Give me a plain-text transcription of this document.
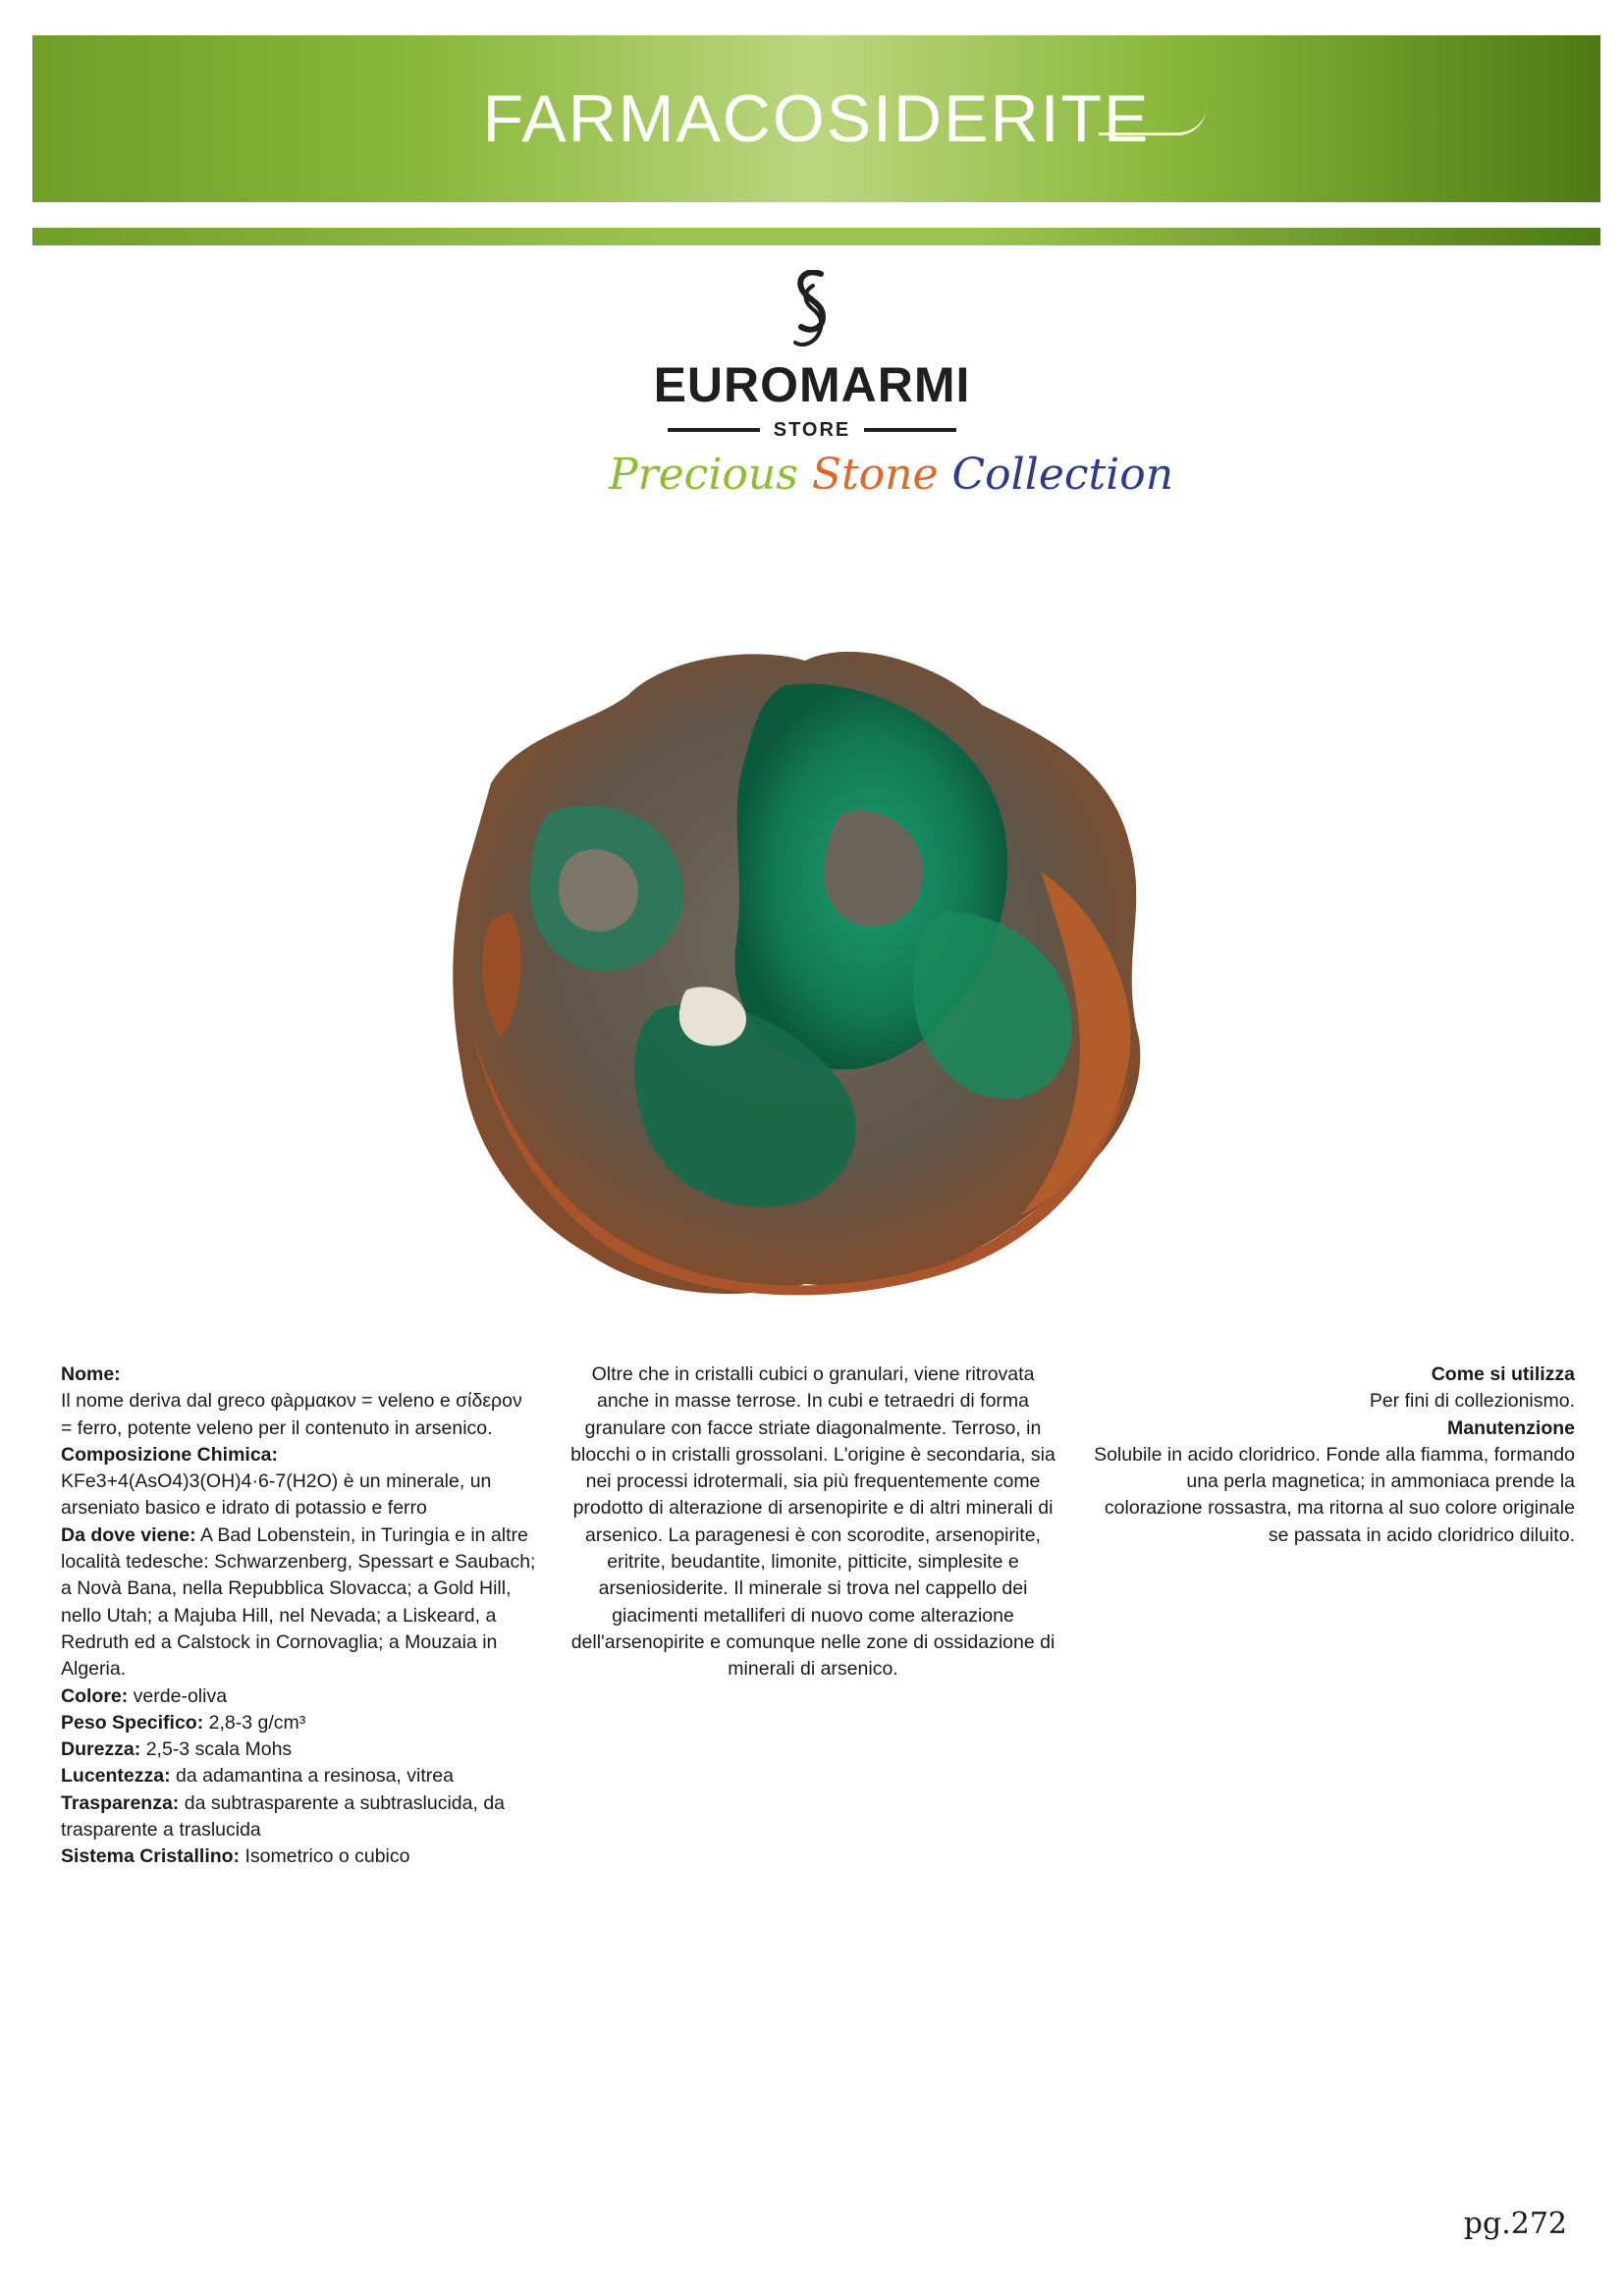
FARMACOSIDERITE
EUROMARMI
STORE
Precious Stone Collection

Nome:

Il nome deriva dal greco φàρμακον = veleno e σίδερον = ferro, potente veleno per il contenuto in arsenico.

Composizione Chimica:

KFe3+4(AsO4)3(OH)4·6-7(H2O) è un minerale, un arseniato basico e idrato di potassio e ferro

Da dove viene: A Bad Lobenstein, in Turingia e in altre località tedesche: Schwarzenberg, Spessart e Saubach; a Novà Bana, nella Repubblica Slovacca; a Gold Hill, nello Utah; a Majuba Hill, nel Nevada; a Liskeard, a Redruth ed a Calstock in Cornovaglia; a Mouzaia in Algeria.

Colore: verde-oliva

Peso Specifico: 2,8-3 g/cm³

Durezza: 2,5-3 scala Mohs

Lucentezza: da adamantina a resinosa, vitrea

Trasparenza: da subtrasparente a subtraslucida, da trasparente a traslucida

Sistema Cristallino: Isometrico o cubico

Oltre che in cristalli cubici o granulari, viene ritrovata anche in masse terrose. In cubi e tetraedri di forma granulare con facce striate diagonalmente. Terroso, in blocchi o in cristalli grossolani. L'origine è secondaria, sia nei processi idrotermali, sia più frequentemente come prodotto di alterazione di arsenopirite e di altri minerali di arsenico. La paragenesi è con scorodite, arsenopirite, eritrite, beudantite, limonite, pitticite, simplesite e arseniosiderite. Il minerale si trova nel cappello dei giacimenti metalliferi di nuovo come alterazione dell'arsenopirite e comunque nelle zone di ossidazione di minerali di arsenico.

Come si utilizza

Per fini di collezionismo.

Manutenzione

Solubile in acido cloridrico. Fonde alla fiamma, formando una perla magnetica; in ammoniaca prende la colorazione rossastra, ma ritorna al suo colore originale se passata in acido cloridrico diluito.

pg.272
